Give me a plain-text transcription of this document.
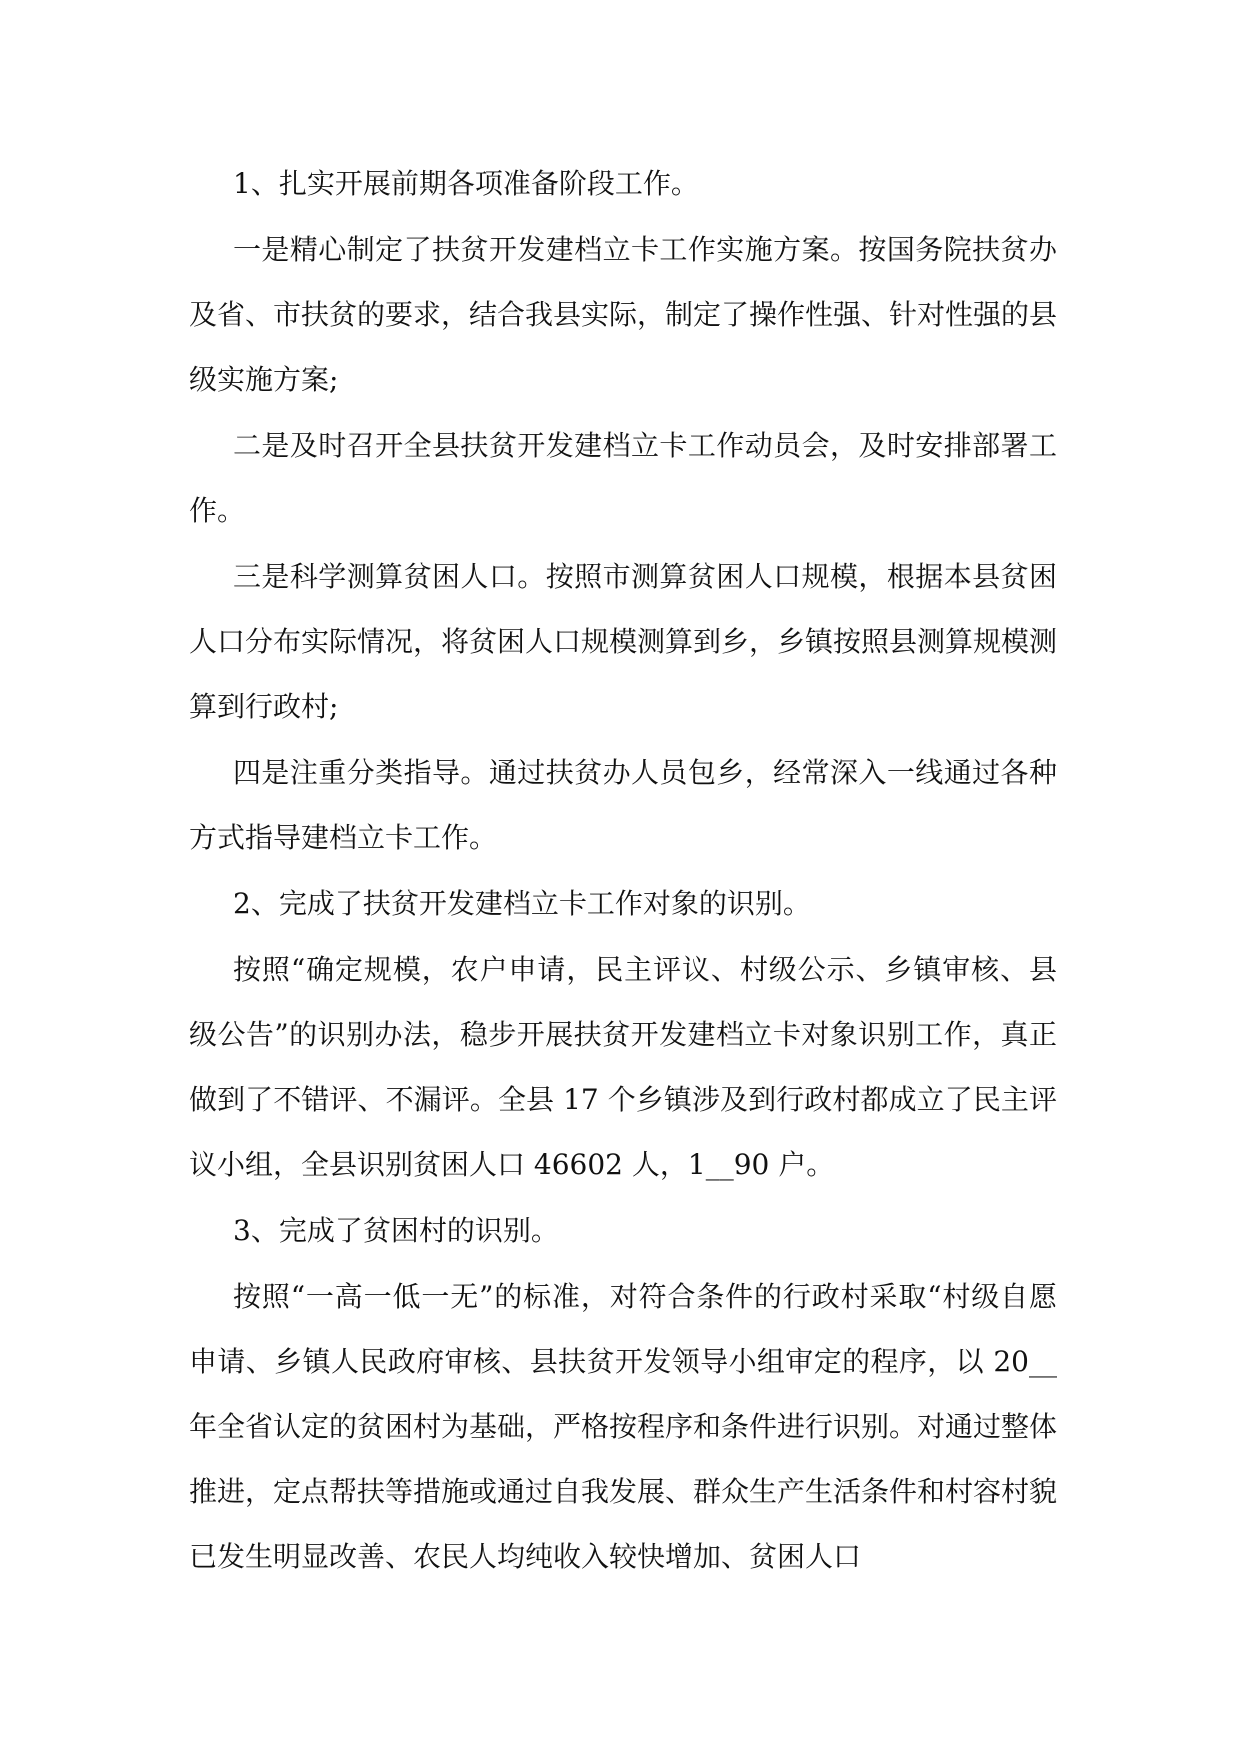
1、扎实开展前期各项准备阶段工作。

一是精心制定了扶贫开发建档立卡工作实施方案。按国务院扶贫办及省、市扶贫的要求，结合我县实际，制定了操作性强、针对性强的县级实施方案;

二是及时召开全县扶贫开发建档立卡工作动员会，及时安排部署工作。

三是科学测算贫困人口。按照市测算贫困人口规模，根据本县贫困人口分布实际情况，将贫困人口规模测算到乡，乡镇按照县测算规模测算到行政村;

四是注重分类指导。通过扶贫办人员包乡，经常深入一线通过各种方式指导建档立卡工作。

2、完成了扶贫开发建档立卡工作对象的识别。

按照“确定规模，农户申请，民主评议、村级公示、乡镇审核、县级公告”的识别办法，稳步开展扶贫开发建档立卡对象识别工作，真正做到了不错评、不漏评。全县 17 个乡镇涉及到行政村都成立了民主评议小组，全县识别贫困人口 46602 人，1__90 户。

3、完成了贫困村的识别。

按照“一高一低一无”的标准，对符合条件的行政村采取“村级自愿申请、乡镇人民政府审核、县扶贫开发领导小组审定的程序，以 20__年全省认定的贫困村为基础，严格按程序和条件进行识别。对通过整体推进，定点帮扶等措施或通过自我发展、群众生产生活条件和村容村貌已发生明显改善、农民人均纯收入较快增加、贫困人口
